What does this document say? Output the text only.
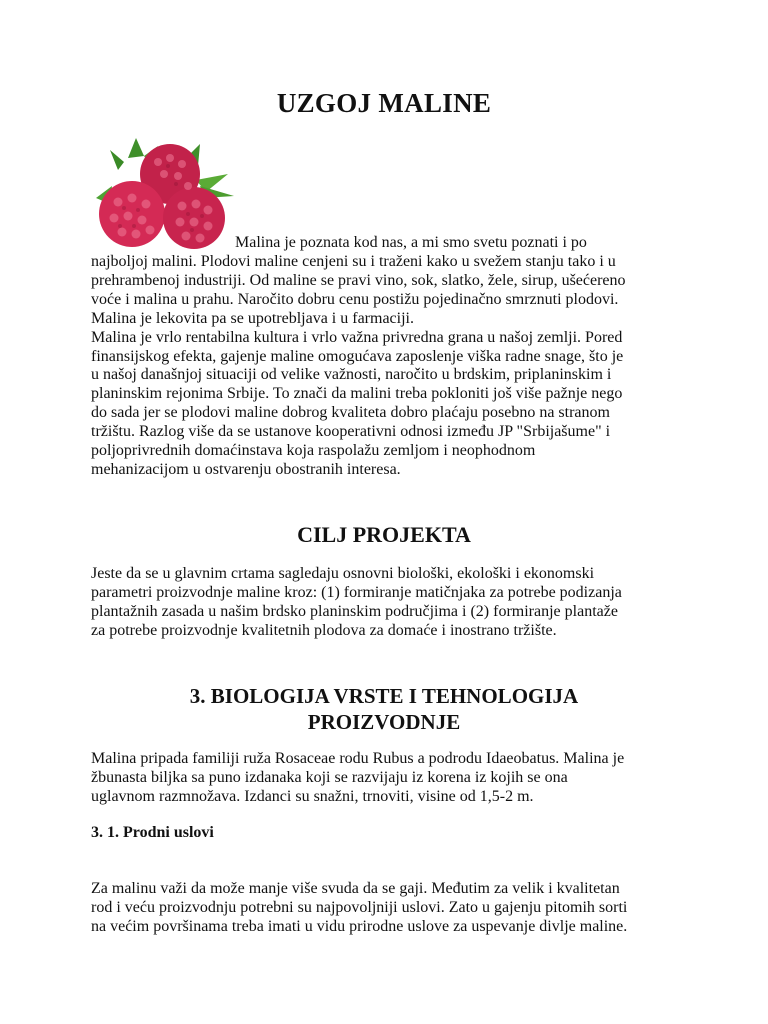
UZGOJ MALINE

Malina je poznata kod nas, a mi smo svetu poznati i po

najboljoj malini. Plodovi maline cenjeni su i traženi kako u svežem stanju tako i u
prehrambenoj industriji. Od maline se pravi vino, sok, slatko, žele, sirup, ušećereno
voće i malina u prahu. Naročito dobru cenu postižu pojedinačno smrznuti plodovi.
Malina je lekovita pa se upotrebljava i u farmaciji.
Malina je vrlo rentabilna kultura i vrlo važna privredna grana u našoj zemlji. Pored
finansijskog efekta, gajenje maline omogućava zaposlenje viška radne snage, što je
u našoj današnjoj situaciji od velike važnosti, naročito u brdskim, priplaninskim i
planinskim rejonima Srbije. To znači da malini treba pokloniti još više pažnje nego
do sada jer se plodovi maline dobrog kvaliteta dobro plaćaju posebno na stranom
tržištu. Razlog više da se ustanove kooperativni odnosi između JP "Srbijašume" i
poljoprivrednih domaćinstava koja raspolažu zemljom i neophodnom
mehanizacijom u ostvarenju obostranih interesa.
CILJ PROJEKTA
Jeste da se u glavnim crtama sagledaju osnovni biološki, ekološki i ekonomski
parametri proizvodnje maline kroz: (1) formiranje matičnjaka za potrebe podizanja
plantažnih zasada u našim brdsko planinskim područjima i (2) formiranje plantaže
za potrebe proizvodnje kvalitetnih plodova za domaće i inostrano tržište.
3. BIOLOGIJA VRSTE I TEHNOLOGIJA
PROIZVODNJE
Malina pripada familiji ruža Rosaceae rodu Rubus a podrodu Idaeobatus. Malina je
žbunasta biljka sa puno izdanaka koji se razvijaju iz korena iz kojih se ona
uglavnom razmnožava. Izdanci su snažni, trnoviti, visine od 1,5-2 m.
3. 1. Prodni uslovi
Za malinu važi da može manje više svuda da se gaji. Međutim za velik i kvalitetan
rod i veću proizvodnju potrebni su najpovoljniji uslovi. Zato u gajenju pitomih sorti
na većim površinama treba imati u vidu prirodne uslove za uspevanje divlje maline.
